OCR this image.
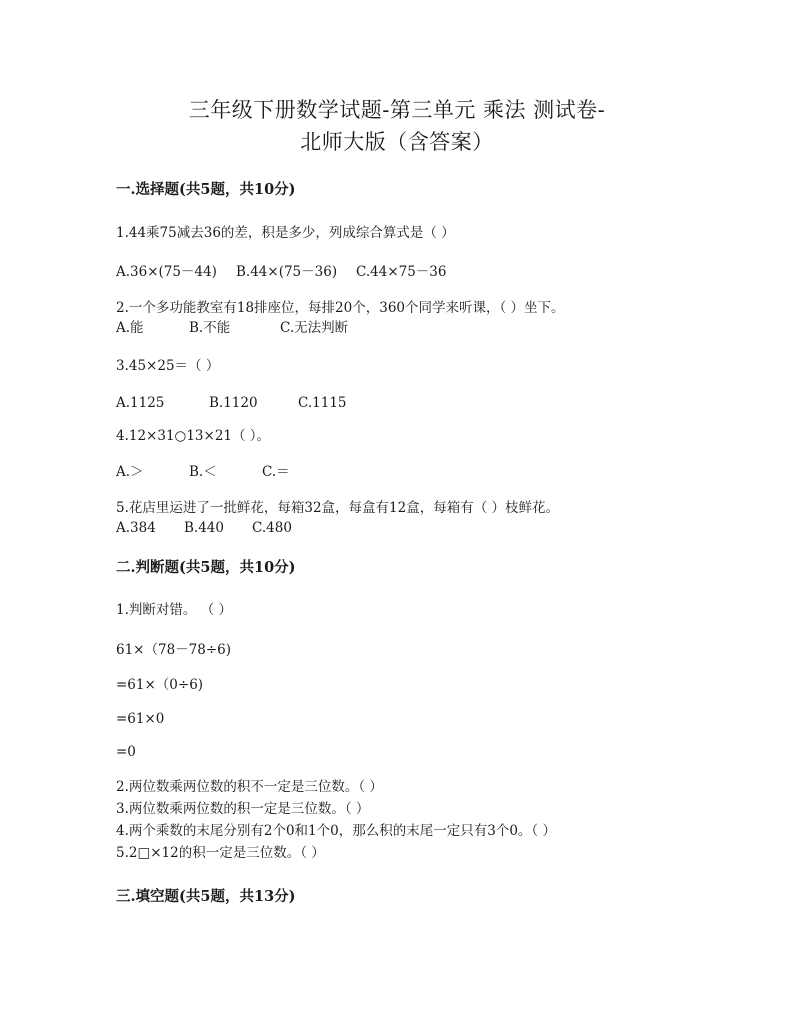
三年级下册数学试题-第三单元 乘法 测试卷-
北师大版（含答案）
一.选择题(共5题，共10分)
1.44乘75减去36的差，积是多少，列成综合算式是（ ）
A.36×(75－44) B.44×(75－36) C.44×75－36
2.一个多功能教室有18排座位，每排20个，360个同学来听课，（ ）坐下。
A.能	B.不能	C.无法判断
3.45×25＝（ ）
A.1125	B.1120	C.1115
4.12×31○13×21（ ）。
A.＞	B.＜	C.＝
5.花店里运进了一批鲜花，每箱32盒，每盒有12盒，每箱有（ ）枝鲜花。
A.384 B.440 C.480
二.判断题(共5题，共10分)
1.判断对错。 （ ）
61×（78－78÷6)
=61×（0÷6)
=61×0
=0
2.两位数乘两位数的积不一定是三位数。（ ）
3.两位数乘两位数的积一定是三位数。（ ）
4.两个乘数的末尾分别有2个0和1个0，那么积的末尾一定只有3个0。（ ）
5.2□×12的积一定是三位数。（ ）
三.填空题(共5题，共13分)
